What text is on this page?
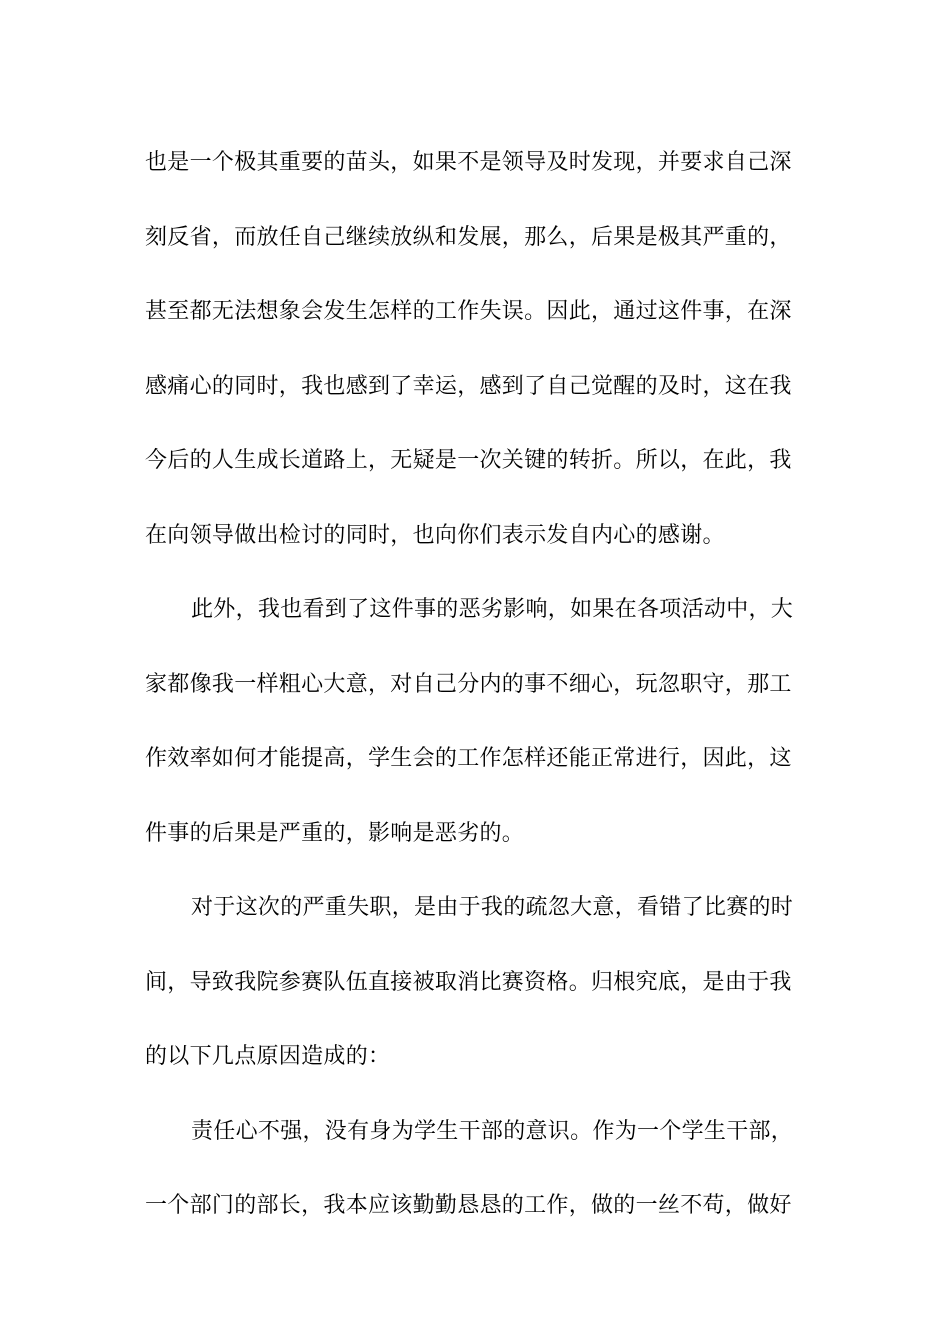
也是一个极其重要的苗头，如果不是领导及时发现，并要求自己深
刻反省，而放任自己继续放纵和发展，那么，后果是极其严重的，
甚至都无法想象会发生怎样的工作失误。因此，通过这件事，在深
感痛心的同时，我也感到了幸运，感到了自己觉醒的及时，这在我
今后的人生成长道路上，无疑是一次关键的转折。所以，在此，我
在向领导做出检讨的同时，也向你们表示发自内心的感谢。
此外，我也看到了这件事的恶劣影响，如果在各项活动中，大
家都像我一样粗心大意，对自己分内的事不细心，玩忽职守，那工
作效率如何才能提高，学生会的工作怎样还能正常进行，因此，这
件事的后果是严重的，影响是恶劣的。
对于这次的严重失职，是由于我的疏忽大意，看错了比赛的时
间，导致我院参赛队伍直接被取消比赛资格。归根究底，是由于我
的以下几点原因造成的：
责任心不强，没有身为学生干部的意识。作为一个学生干部，
一个部门的部长，我本应该勤勤恳恳的工作，做的一丝不苟，做好
